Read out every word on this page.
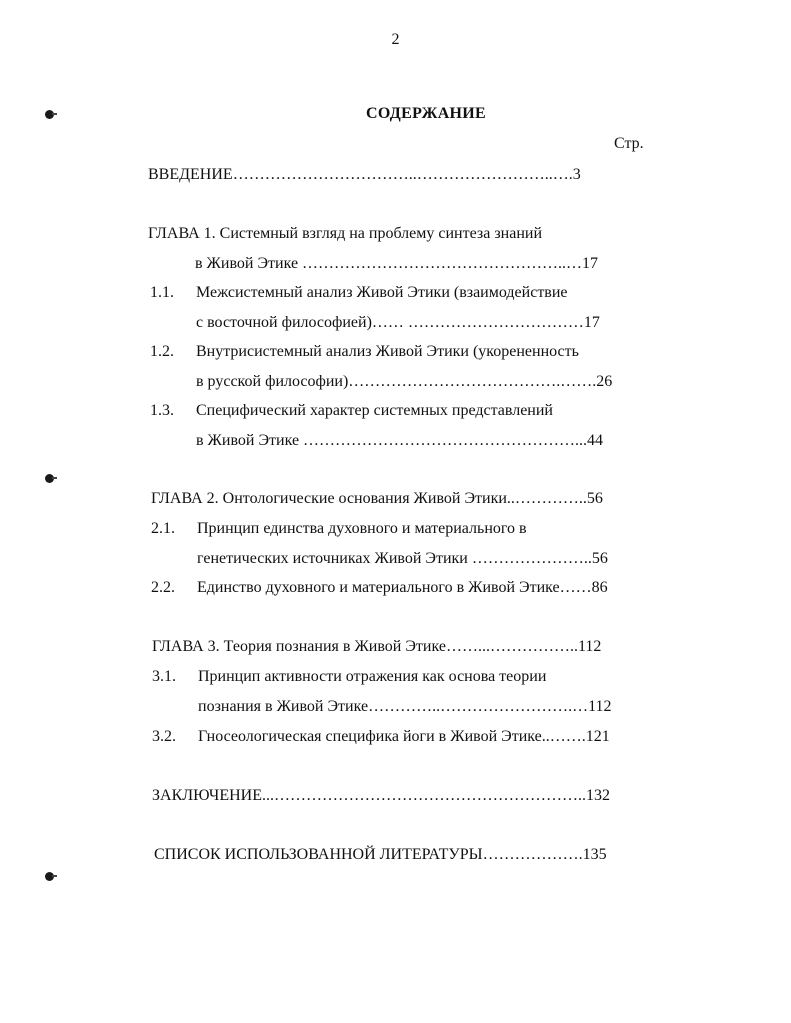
2
СОДЕРЖАНИЕ
Стр.
ВВЕДЕНИЕ……………………………..……………………..….3
ГЛАВА 1. Системный взгляд на проблему синтеза знаний
в Живой Этике …………………………………………..…17
1.1. Межсистемный анализ Живой Этики (взаимодействие
с восточной философией)…… ……………………………17
1.2. Внутрисистемный анализ Живой Этики (укорененность
в русской философии)………………………………….…….26
1.3. Специфический характер системных представлений
в Живой Этике ……………………………………………...44
ГЛАВА 2. Онтологические основания Живой Этики..…………..56
2.1. Принцип единства духовного и материального в
генетических источниках Живой Этики …………………..56
2.2. Единство духовного и материального в Живой Этике……86
ГЛАВА 3. Теория познания в Живой Этике……...……………..112
3.1. Принцип активности отражения как основа теории
познания в Живой Этике…………..…………………….…112
3.2. Гносеологическая специфика йоги в Живой Этике..…….121
ЗАКЛЮЧЕНИЕ...…………………………………………………..132
СПИСОК ИСПОЛЬЗОВАННОЙ ЛИТЕРАТУРЫ……………….135
